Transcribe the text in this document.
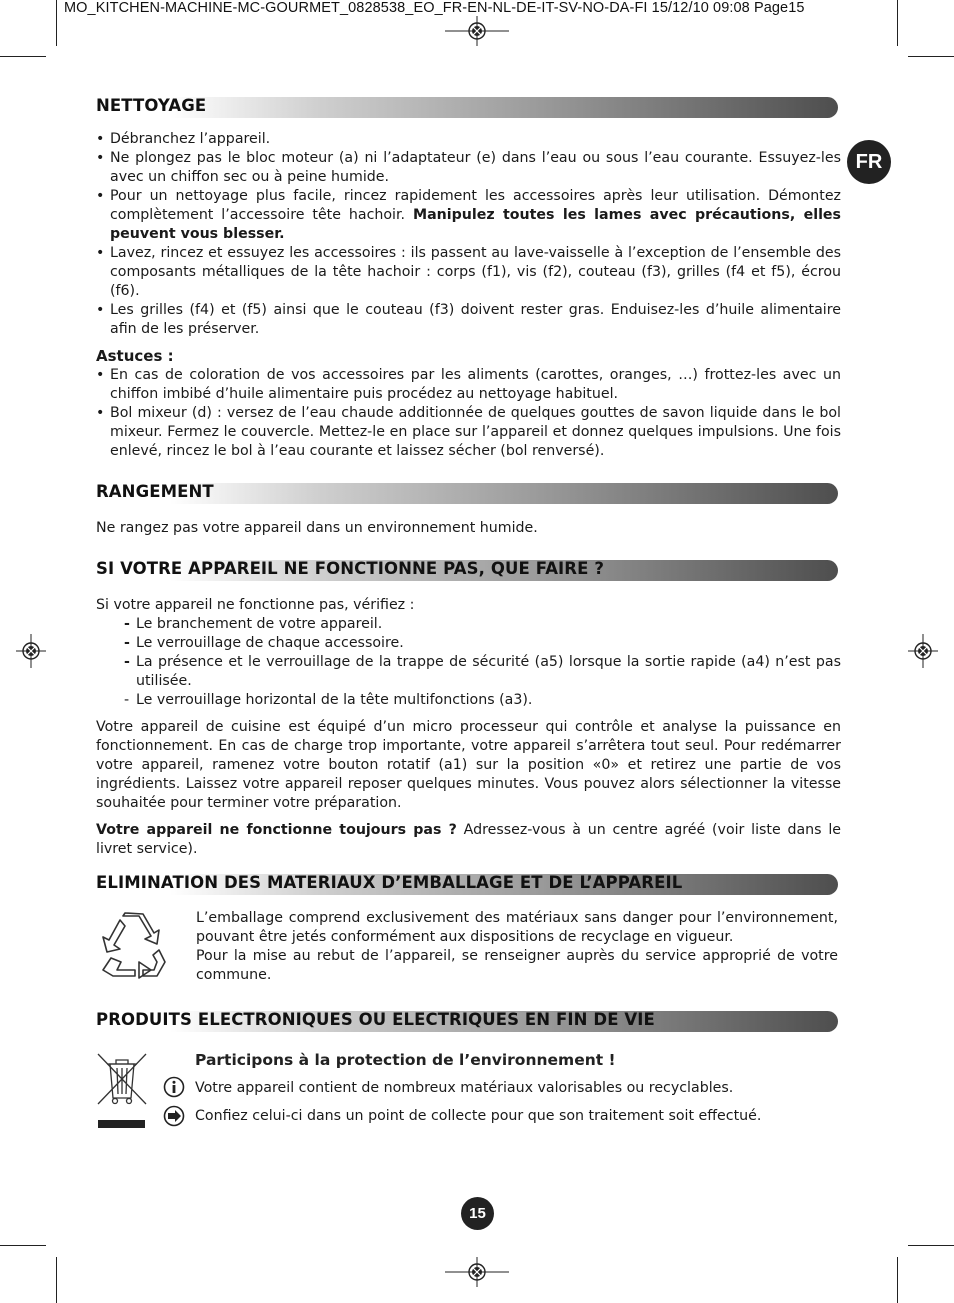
MO_KITCHEN-MACHINE-MC-GOURMET_0828538_EO_FR-EN-NL-DE-IT-SV-NO-DA-FI 15/12/10 09:08 Page15
FR
NETTOYAGE
• Débranchez l’appareil.
• Ne plongez pas le bloc moteur (a) ni l’adaptateur (e) dans l’eau ou sous l’eau courante. Essuyez-les avec un chiffon sec ou à peine humide.
• Pour un nettoyage plus facile, rincez rapidement les accessoires après leur utilisation. Démontez complètement l’accessoire tête hachoir. Manipulez toutes les lames avec précautions, elles peuvent vous blesser.
• Lavez, rincez et essuyez les accessoires : ils passent au lave-vaisselle à l’exception de l’ensemble des composants métalliques de la tête hachoir : corps (f1), vis (f2), couteau (f3), grilles (f4 et f5), écrou (f6).
• Les grilles (f4) et (f5) ainsi que le couteau (f3) doivent rester gras. Enduisez-les d’huile alimentaire afin de les préserver.
Astuces :
• En cas de coloration de vos accessoires par les aliments (carottes, oranges, …) frottez-les avec un chiffon imbibé d’huile alimentaire puis procédez au nettoyage habituel.
• Bol mixeur (d) : versez de l’eau chaude additionnée de quelques gouttes de savon liquide dans le bol mixeur. Fermez le couvercle. Mettez-le en place sur l’appareil et donnez quelques impulsions. Une fois enlevé, rincez le bol à l’eau courante et laissez sécher (bol renversé).
RANGEMENT
Ne rangez pas votre appareil dans un environnement humide.
SI VOTRE APPAREIL NE FONCTIONNE PAS, QUE FAIRE ?
Si votre appareil ne fonctionne pas, vérifiez :
- Le branchement de votre appareil.
- Le verrouillage de chaque accessoire.
- La présence et le verrouillage de la trappe de sécurité (a5) lorsque la sortie rapide (a4) n’est pas utilisée.
- Le verrouillage horizontal de la tête multifonctions (a3).
Votre appareil de cuisine est équipé d’un micro processeur qui contrôle et analyse la puissance en fonctionnement. En cas de charge trop importante, votre appareil s’arrêtera tout seul. Pour redémarrer votre appareil, ramenez votre bouton rotatif (a1) sur la position «0» et retirez une partie de vos ingrédients. Laissez votre appareil reposer quelques minutes. Vous pouvez alors sélectionner la vitesse souhaitée pour terminer votre préparation.
Votre appareil ne fonctionne toujours pas ? Adressez-vous à un centre agréé (voir liste dans le livret service).
ELIMINATION DES MATERIAUX D’EMBALLAGE ET DE L’APPAREIL
L’emballage comprend exclusivement des matériaux sans danger pour l’environnement, pouvant être jetés conformément aux dispositions de recyclage en vigueur.
Pour la mise au rebut de l’appareil, se renseigner auprès du service approprié de votre commune.
PRODUITS ELECTRONIQUES OU ELECTRIQUES EN FIN DE VIE
Participons à la protection de l’environnement !
Votre appareil contient de nombreux matériaux valorisables ou recyclables.
Confiez celui-ci dans un point de collecte pour que son traitement soit effectué.
15
